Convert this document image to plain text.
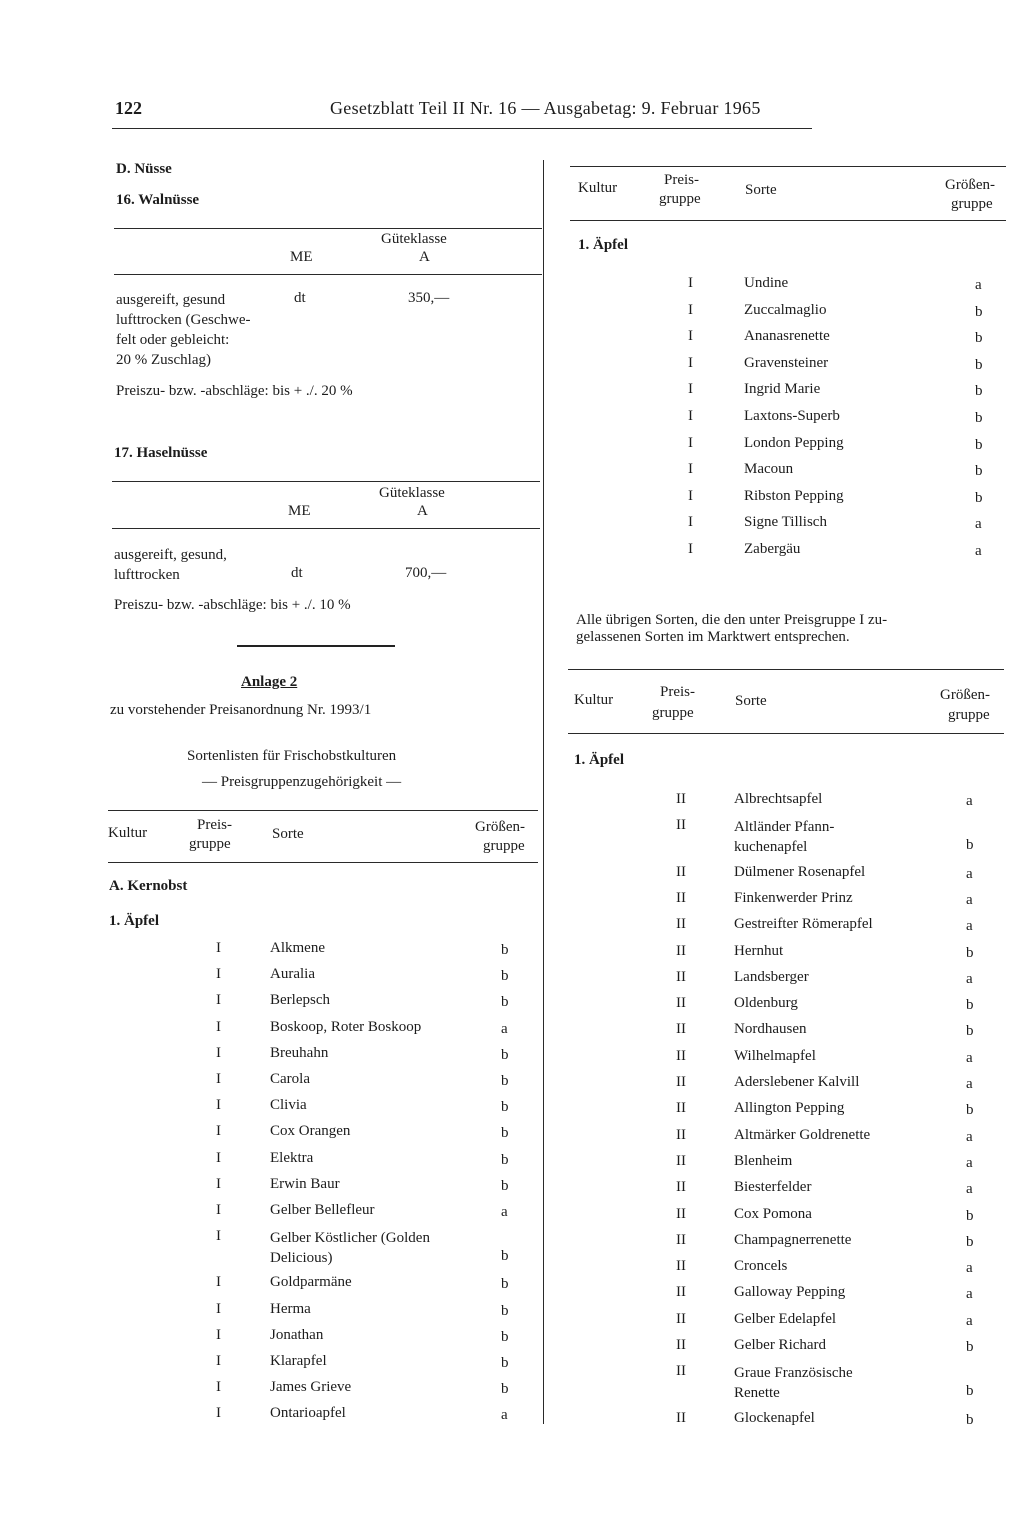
122	Gesetzblatt Teil II Nr. 16 — Ausgabetag: 9. Februar 1965
D. Nüsse
16. Walnüsse
Güteklasse
ME	A
ausgereift, gesund
lufttrocken (Geschwe-
felt oder gebleicht:
20 % Zuschlag)
dt	350,—
Preiszu- bzw. -abschläge: bis + ./. 20 %
17. Haselnüsse
Güteklasse
ME	A
ausgereift, gesund,
lufttrocken	dt	700,—
Preiszu- bzw. -abschläge: bis + ./. 10 %
Anlage 2
zu vorstehender Preisanordnung Nr. 1993/1
Sortenlisten für Frischobstkulturen
— Preisgruppenzugehörigkeit —
Kultur	Preis-
gruppe
Sorte	Größen-
gruppe
A. Kernobst
1. Äpfel
I	Alkmene	b
I	Auralia	b
I	Berlepsch	b
I	Boskoop, Roter Boskoop	a
I	Breuhahn	b
I	Carola	b
I	Clivia	b
I	Cox Orangen	b
I	Elektra	b
I	Erwin Baur	b
I	Gelber Bellefleur	a
I	Gelber Köstlicher (Golden Delicious)	b
I	Goldparmäne	b
I	Herma	b
I	Jonathan	b
I	Klarapfel	b
I	James Grieve	b
I	Ontarioapfel	a
Kultur	Preis-
gruppe
Sorte	Größen-
gruppe
1. Äpfel
I	Undine	a
I	Zuccalmaglio	b
I	Ananasrenette	b
I	Gravensteiner	b
I	Ingrid Marie	b
I	Laxtons-Superb	b
I	London Pepping	b
I	Macoun	b
I	Ribston Pepping	b
I	Signe Tillisch	a
I	Zabergäu	a
Alle übrigen Sorten, die den unter Preisgruppe I zu-
gelassenen Sorten im Marktwert entsprechen.
Kultur	Preis-
gruppe
Sorte	Größen-
gruppe
1. Äpfel
II	Albrechtsapfel	a
II	Altländer Pfann- kuchenapfel	b
II	Dülmener Rosenapfel	a
II	Finkenwerder Prinz	a
II	Gestreifter Römerapfel	a
II	Hernhut	b
II	Landsberger	a
II	Oldenburg	b
II	Nordhausen	b
II	Wilhelmapfel	a
II	Aderslebener Kalvill	a
II	Allington Pepping	b
II	Altmärker Goldrenette	a
II	Blenheim	a
II	Biesterfelder	a
II	Cox Pomona	b
II	Champagnerrenette	b
II	Croncels	a
II	Galloway Pepping	a
II	Gelber Edelapfel	a
II	Gelber Richard	b
II	Graue Französische Renette	b
II	Glockenapfel	b
